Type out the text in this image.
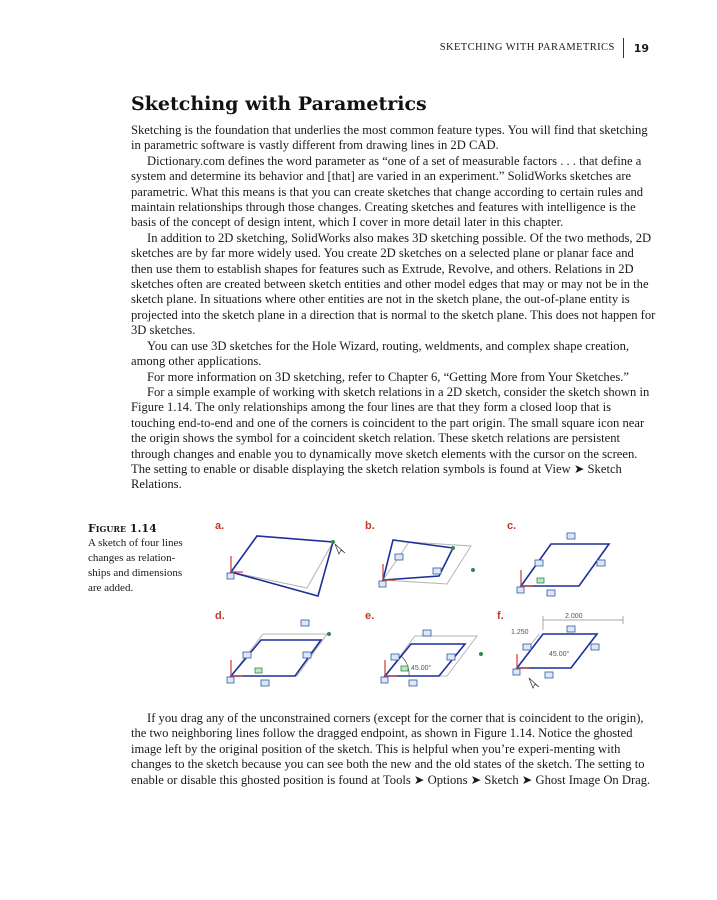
SKETCHING WITH PARAMETRICS	19
Sketching with Parametrics

Sketching is the foundation that underlies the most common feature types. You will find that sketching in parametric software is vastly different from drawing lines in 2D CAD.

Dictionary.com defines the word parameter as “one of a set of measurable factors . . . that define a system and determine its behavior and [that] are varied in an experiment.” SolidWorks sketches are parametric. What this means is that you can create sketches that change according to certain rules and maintain relationships through those changes. Creating sketches and features with intelligence is the basis of the concept of design intent, which I cover in more detail later in this chapter.

In addition to 2D sketching, SolidWorks also makes 3D sketching possible. Of the two methods, 2D sketches are by far more widely used. You create 2D sketches on a selected plane or planar face and then use them to establish shapes for features such as Extrude, Revolve, and others. Relations in 2D sketches often are created between sketch entities and other model edges that may or may not be in the sketch plane. In situations where other entities are not in the sketch plane, the out-of-plane entity is projected into the sketch plane in a direction that is normal to the sketch plane. This does not happen for 3D sketches.

You can use 3D sketches for the Hole Wizard, routing, weldments, and complex shape creation, among other applications.

For more information on 3D sketching, refer to Chapter 6, “Getting More from Your Sketches.”

For a simple example of working with sketch relations in a 2D sketch, consider the sketch shown in Figure 1.14. The only relationships among the four lines are that they form a closed loop that is touching end-to-end and one of the corners is coincident to the part origin. The small square icon near the origin shows the symbol for a coincident sketch relation. These sketch relations are persistent through changes and enable you to dynamically move sketch elements with the cursor on the screen. The setting to enable or disable displaying the sketch relation symbols is found at View ➤ Sketch Relations.

Figure 1.14
A sketch of four lines changes as relation-ships and dimensions are added.
a.	b.	c.
d.	e.
45.00°
f.	2.000
1.250
45.00°

If you drag any of the unconstrained corners (except for the corner that is coincident to the origin), the two neighboring lines follow the dragged endpoint, as shown in Figure 1.14. Notice the ghosted image left by the original position of the sketch. This is helpful when you’re experi-menting with changes to the sketch because you can see both the new and the old states of the sketch. The setting to enable or disable this ghosted position is found at Tools ➤ Options ➤ Sketch ➤ Ghost Image On Drag.
